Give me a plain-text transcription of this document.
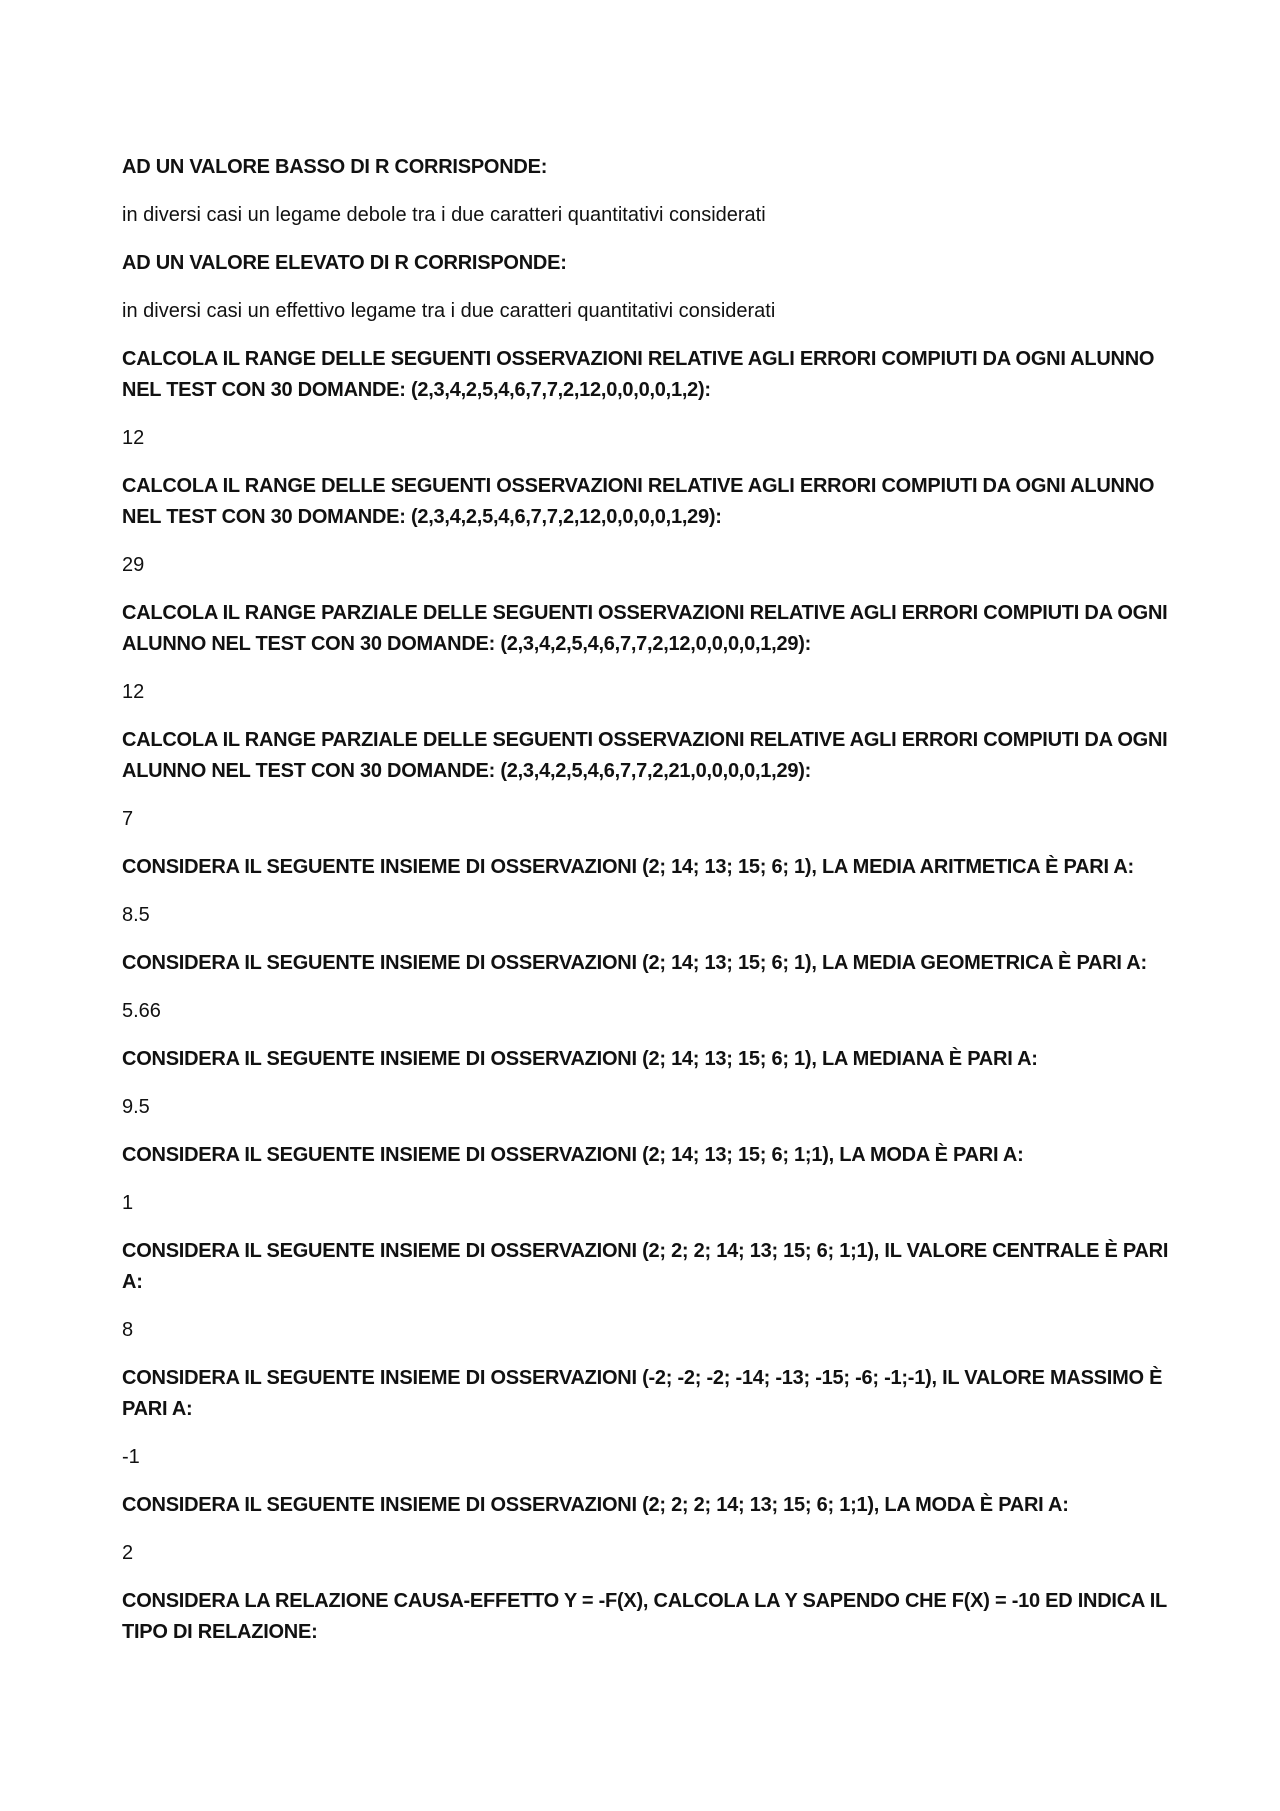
AD UN VALORE BASSO DI R CORRISPONDE:

in diversi casi un legame debole tra i due caratteri quantitativi considerati

AD UN VALORE ELEVATO DI R CORRISPONDE:

in diversi casi un effettivo legame tra i due caratteri quantitativi considerati

CALCOLA IL RANGE DELLE SEGUENTI OSSERVAZIONI RELATIVE AGLI ERRORI COMPIUTI DA OGNI ALUNNO NEL TEST CON 30 DOMANDE: (2,3,4,2,5,4,6,7,7,2,12,0,0,0,0,1,2):

12

CALCOLA IL RANGE DELLE SEGUENTI OSSERVAZIONI RELATIVE AGLI ERRORI COMPIUTI DA OGNI ALUNNO NEL TEST CON 30 DOMANDE: (2,3,4,2,5,4,6,7,7,2,12,0,0,0,0,1,29):

29

CALCOLA IL RANGE PARZIALE DELLE SEGUENTI OSSERVAZIONI RELATIVE AGLI ERRORI COMPIUTI DA OGNI ALUNNO NEL TEST CON 30 DOMANDE: (2,3,4,2,5,4,6,7,7,2,12,0,0,0,0,1,29):

12

CALCOLA IL RANGE PARZIALE DELLE SEGUENTI OSSERVAZIONI RELATIVE AGLI ERRORI COMPIUTI DA OGNI ALUNNO NEL TEST CON 30 DOMANDE: (2,3,4,2,5,4,6,7,7,2,21,0,0,0,0,1,29):

7

CONSIDERA IL SEGUENTE INSIEME DI OSSERVAZIONI (2; 14; 13; 15; 6; 1), LA MEDIA ARITMETICA È PARI A:

8.5

CONSIDERA IL SEGUENTE INSIEME DI OSSERVAZIONI (2; 14; 13; 15; 6; 1), LA MEDIA GEOMETRICA È PARI A:

5.66

CONSIDERA IL SEGUENTE INSIEME DI OSSERVAZIONI (2; 14; 13; 15; 6; 1), LA MEDIANA È PARI A:

9.5

CONSIDERA IL SEGUENTE INSIEME DI OSSERVAZIONI (2; 14; 13; 15; 6; 1;1), LA MODA È PARI A:

1

CONSIDERA IL SEGUENTE INSIEME DI OSSERVAZIONI (2; 2; 2; 14; 13; 15; 6; 1;1), IL VALORE CENTRALE È PARI A:

8

CONSIDERA IL SEGUENTE INSIEME DI OSSERVAZIONI (-2; -2; -2; -14; -13; -15; -6; -1;-1), IL VALORE MASSIMO È PARI A:

-1

CONSIDERA IL SEGUENTE INSIEME DI OSSERVAZIONI (2; 2; 2; 14; 13; 15; 6; 1;1), LA MODA È PARI A:

2

CONSIDERA LA RELAZIONE CAUSA-EFFETTO Y = -F(X), CALCOLA LA Y SAPENDO CHE F(X) = -10 ED INDICA IL TIPO DI RELAZIONE:
